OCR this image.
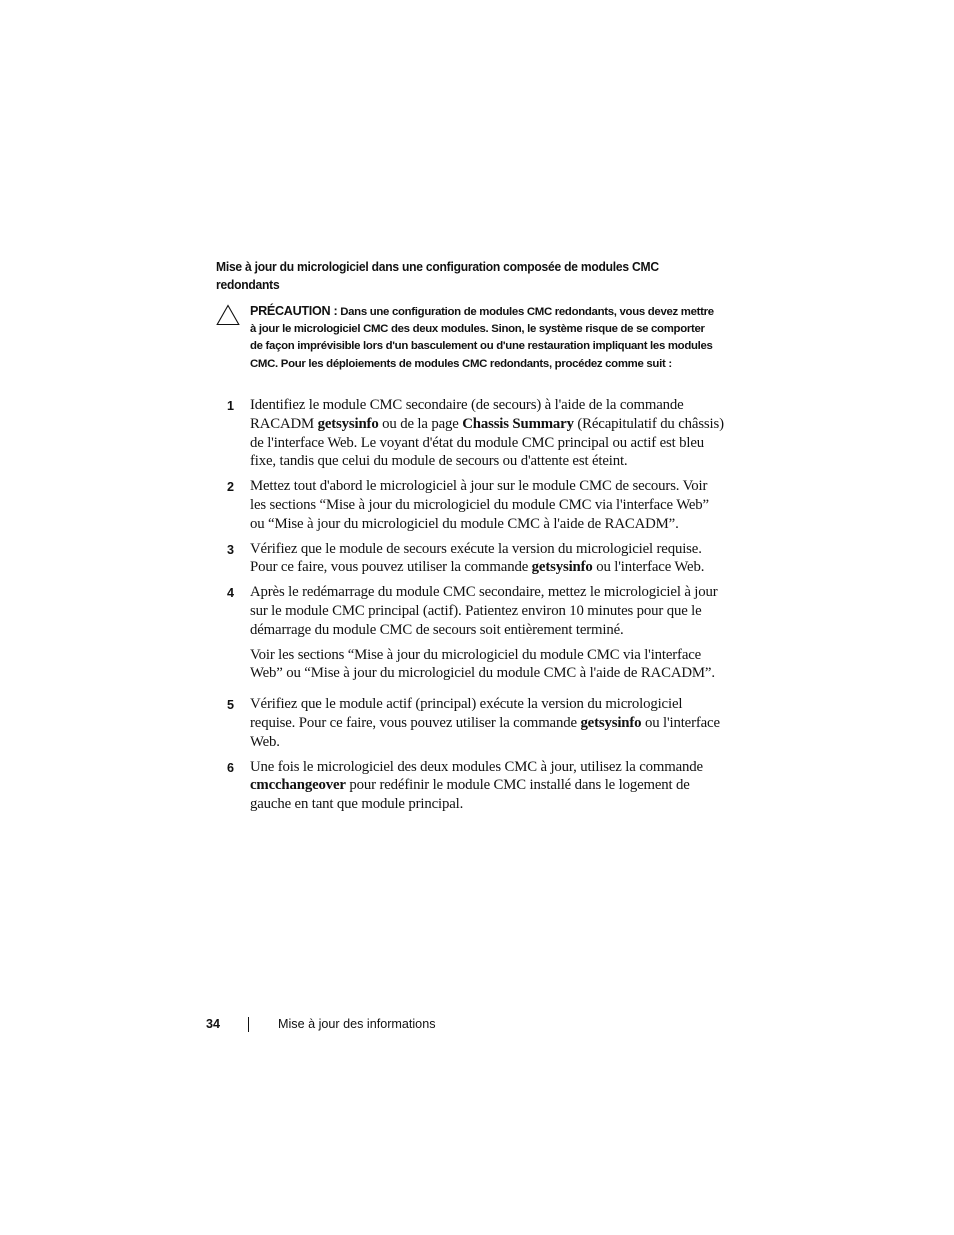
Mise à jour du micrologiciel dans une configuration composée de modules CMC redondants
PRÉCAUTION : Dans une configuration de modules CMC redondants, vous devez mettre à jour le micrologiciel CMC des deux modules. Sinon, le système risque de se comporter de façon imprévisible lors d'un basculement ou d'une restauration impliquant les modules CMC. Pour les déploiements de modules CMC redondants, procédez comme suit :
1 Identifiez le module CMC secondaire (de secours) à l'aide de la commande RACADM getsysinfo ou de la page Chassis Summary (Récapitulatif du châssis) de l'interface Web. Le voyant d'état du module CMC principal ou actif est bleu fixe, tandis que celui du module de secours ou d'attente est éteint.

2 Mettez tout d'abord le micrologiciel à jour sur le module CMC de secours. Voir les sections “Mise à jour du micrologiciel du module CMC via l'interface Web” ou “Mise à jour du micrologiciel du module CMC à l'aide de RACADM”.

3 Vérifiez que le module de secours exécute la version du micrologiciel requise. Pour ce faire, vous pouvez utiliser la commande getsysinfo ou l'interface Web.

4 Après le redémarrage du module CMC secondaire, mettez le micrologiciel à jour sur le module CMC principal (actif). Patientez environ 10 minutes pour que le démarrage du module CMC de secours soit entièrement terminé.

Voir les sections “Mise à jour du micrologiciel du module CMC via l'interface Web” ou “Mise à jour du micrologiciel du module CMC à l'aide de RACADM”.

5 Vérifiez que le module actif (principal) exécute la version du micrologiciel requise. Pour ce faire, vous pouvez utiliser la commande getsysinfo ou l'interface Web.

6 Une fois le micrologiciel des deux modules CMC à jour, utilisez la commande cmcchangeover pour redéfinir le module CMC installé dans le logement de gauche en tant que module principal.

34	Mise à jour des informations
